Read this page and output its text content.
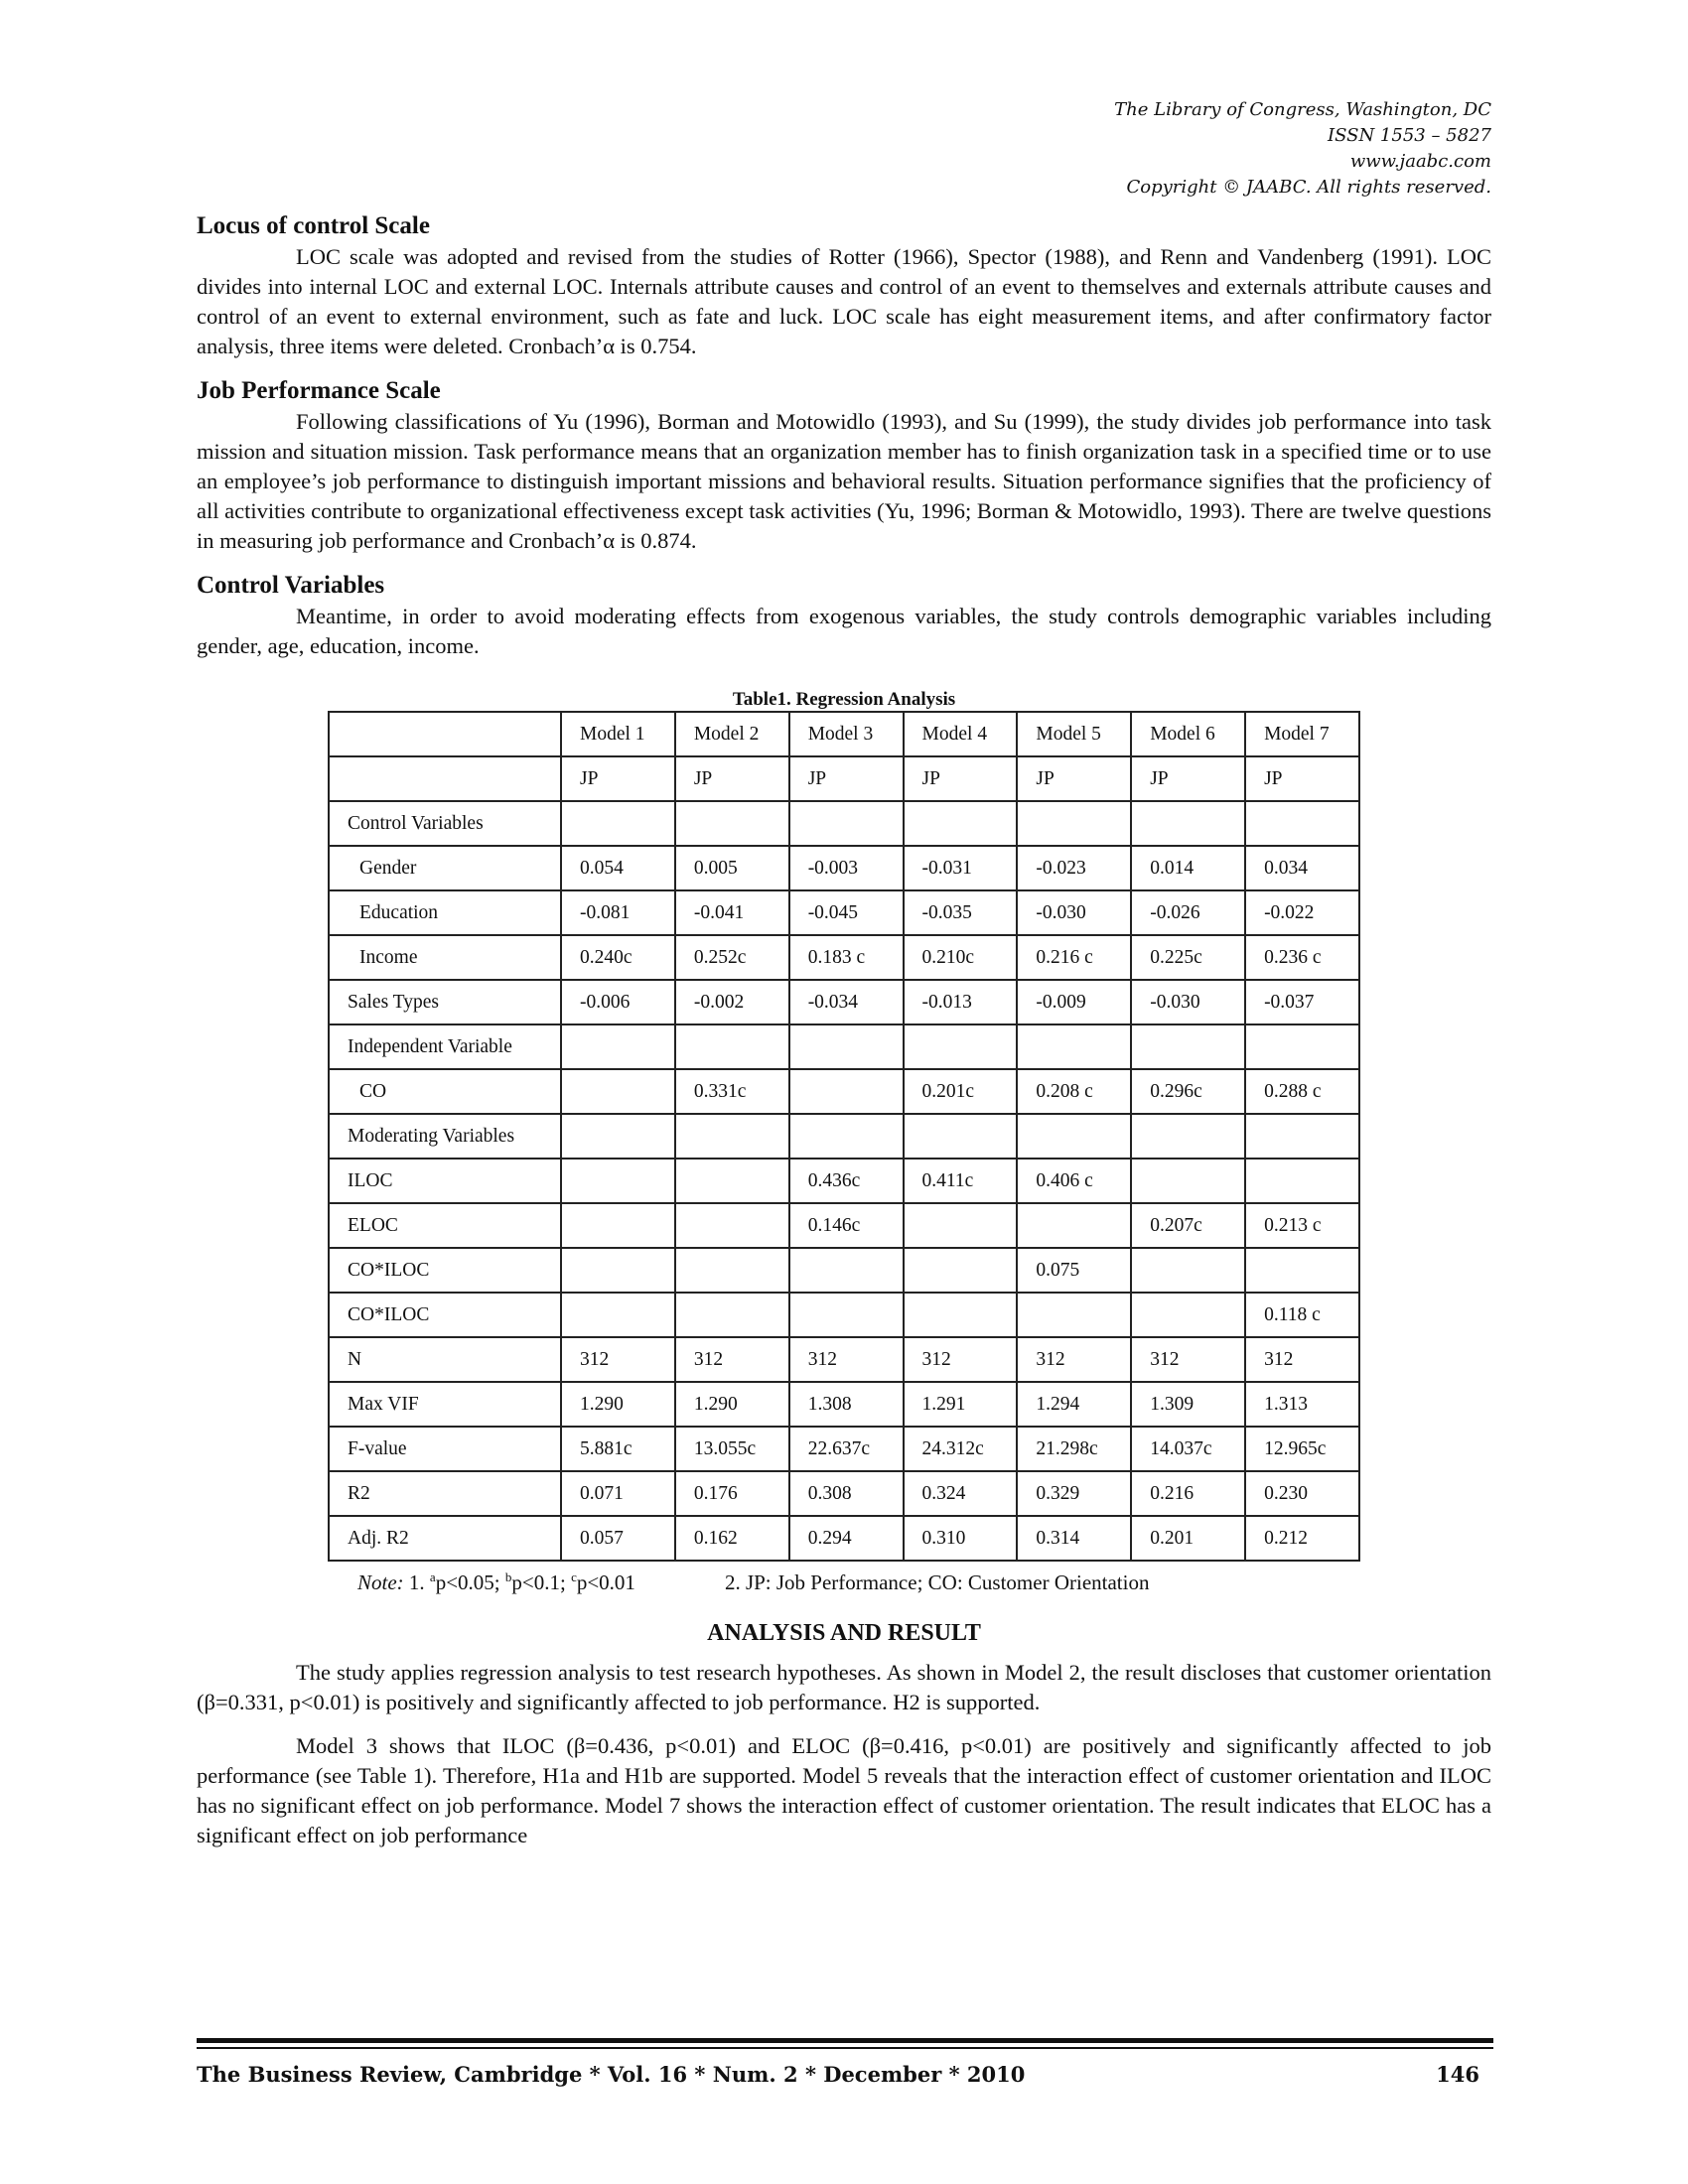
The Library of Congress, Washington, DC
ISSN 1553 – 5827
www.jaabc.com
Copyright © JAABC. All rights reserved.
Locus of control Scale

LOC scale was adopted and revised from the studies of Rotter (1966), Spector (1988), and Renn and Vandenberg (1991). LOC divides into internal LOC and external LOC. Internals attribute causes and control of an event to themselves and externals attribute causes and control of an event to external environment, such as fate and luck. LOC scale has eight measurement items, and after confirmatory factor analysis, three items were deleted. Cronbach’α is 0.754.

Job Performance Scale

Following classifications of Yu (1996), Borman and Motowidlo (1993), and Su (1999), the study divides job performance into task mission and situation mission. Task performance means that an organization member has to finish organization task in a specified time or to use an employee’s job performance to distinguish important missions and behavioral results. Situation performance signifies that the proficiency of all activities contribute to organizational effectiveness except task activities (Yu, 1996; Borman & Motowidlo, 1993). There are twelve questions in measuring job performance and Cronbach’α is 0.874.

Control Variables

Meantime, in order to avoid moderating effects from exogenous variables, the study controls demographic variables including gender, age, education, income.

Table1. Regression Analysis
	Model 1	Model 2	Model 3	Model 4	Model 5	Model 6	Model 7
	JP	JP	JP	JP	JP	JP	JP
Control Variables							
Gender	0.054	0.005	-0.003	-0.031	-0.023	0.014	0.034
Education	-0.081	-0.041	-0.045	-0.035	-0.030	-0.026	-0.022
Income	0.240c	0.252c	0.183 c	0.210c	0.216 c	0.225c	0.236 c
Sales Types	-0.006	-0.002	-0.034	-0.013	-0.009	-0.030	-0.037
Independent Variable							
CO		0.331c		0.201c	0.208 c	0.296c	0.288 c
Moderating Variables							
ILOC			0.436c	0.411c	0.406 c		
ELOC			0.146c			0.207c	0.213 c
CO*ILOC					0.075		
CO*ILOC							0.118 c
N	312	312	312	312	312	312	312
Max VIF	1.290	1.290	1.308	1.291	1.294	1.309	1.313
F-value	5.881c	13.055c	22.637c	24.312c	21.298c	14.037c	12.965c
R2	0.071	0.176	0.308	0.324	0.329	0.216	0.230
Adj. R2	0.057	0.162	0.294	0.310	0.314	0.201	0.212
Note: 1. $^a$p<0.05; $^b$p<0.1; $^c$p<0.01	2. JP: Job Performance; CO: Customer Orientation
ANALYSIS AND RESULT

The study applies regression analysis to test research hypotheses. As shown in Model 2, the result discloses that customer orientation (β=0.331, p<0.01) is positively and significantly affected to job performance. H2 is supported.

Model 3 shows that ILOC (β=0.436, p<0.01) and ELOC (β=0.416, p<0.01) are positively and significantly affected to job performance (see Table 1). Therefore, H1a and H1b are supported. Model 5 reveals that the interaction effect of customer orientation and ILOC has no significant effect on job performance. Model 7 shows the interaction effect of customer orientation. The result indicates that ELOC has a significant effect on job performance

The Business Review, Cambridge * Vol. 16 * Num. 2 * December * 2010	146
